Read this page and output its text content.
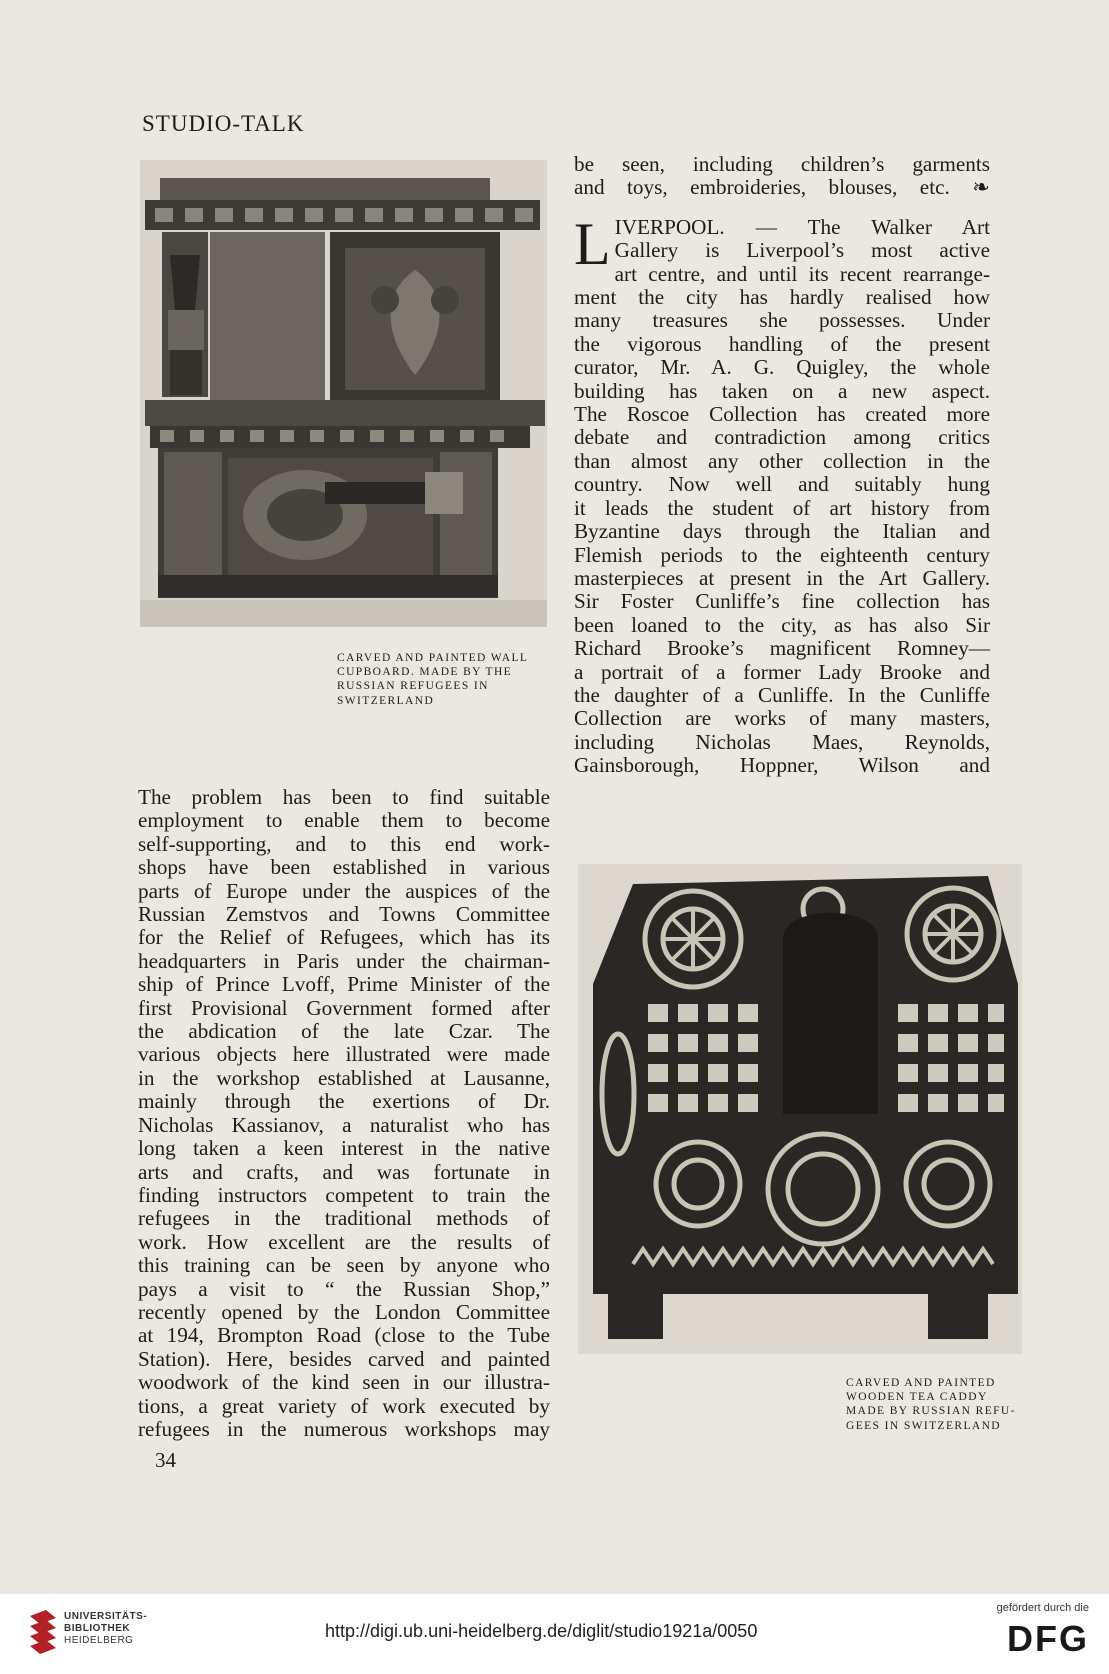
STUDIO-TALK
CARVED AND PAINTED WALL
CUPBOARD. MADE BY THE
RUSSIAN REFUGEES IN
SWITZERLAND

be seen, including children’s garments
and toys, embroideries, blouses, etc. ❧

L IVERPOOL. — The Walker Art
Gallery is Liverpool’s most active
art centre, and until its recent rearrange-
ment the city has hardly realised how
many treasures she possesses. Under
the vigorous handling of the present
curator, Mr. A. G. Quigley, the whole
building has taken on a new aspect.
The Roscoe Collection has created more
debate and contradiction among critics
than almost any other collection in the
country. Now well and suitably hung
it leads the student of art history from
Byzantine days through the Italian and
Flemish periods to the eighteenth century
masterpieces at present in the Art Gallery.
Sir Foster Cunliffe’s fine collection has
been loaned to the city, as has also Sir
Richard Brooke’s magnificent Romney—
a portrait of a former Lady Brooke and
the daughter of a Cunliffe. In the Cunliffe
Collection are works of many masters,
including Nicholas Maes, Reynolds,
Gainsborough, Hoppner, Wilson and

CARVED AND PAINTED
WOODEN TEA CADDY
MADE BY RUSSIAN REFU-
GEES IN SWITZERLAND

The problem has been to find suitable
employment to enable them to become
self-supporting, and to this end work-
shops have been established in various
parts of Europe under the auspices of the
Russian Zemstvos and Towns Committee
for the Relief of Refugees, which has its
headquarters in Paris under the chairman-
ship of Prince Lvoff, Prime Minister of the
first Provisional Government formed after
the abdication of the late Czar. The
various objects here illustrated were made
in the workshop established at Lausanne,
mainly through the exertions of Dr.
Nicholas Kassianov, a naturalist who has
long taken a keen interest in the native
arts and crafts, and was fortunate in
finding instructors competent to train the
refugees in the traditional methods of
work. How excellent are the results of
this training can be seen by anyone who
pays a visit to “ the Russian Shop,”
recently opened by the London Committee
at 194, Brompton Road (close to the Tube
Station). Here, besides carved and painted
woodwork of the kind seen in our illustra-
tions, a great variety of work executed by
refugees in the numerous workshops may

34
UNIVERSITÄTS-
BIBLIOTHEK
HEIDELBERG	http://digi.ub.uni-heidelberg.de/diglit/studio1921a/0050
gefördert durch die
DFG
